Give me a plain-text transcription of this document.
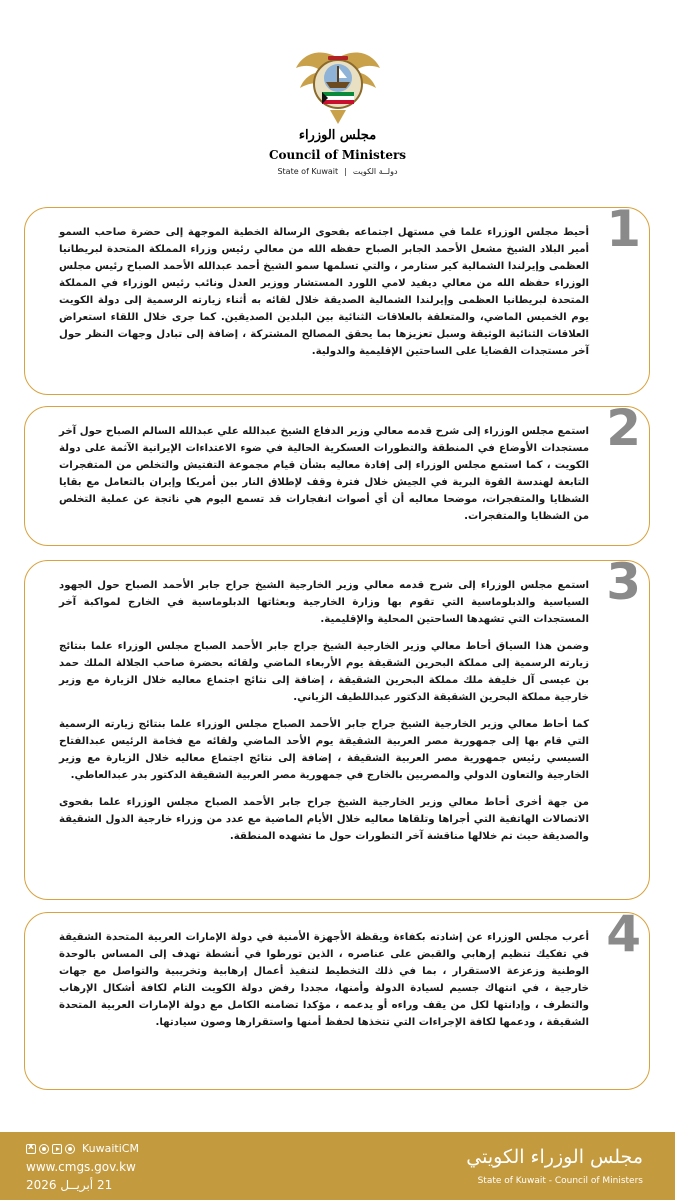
مجلس الوزراء
Council of Ministers
State of Kuwait | دولــة الكويت
1

أحيط مجلس الوزراء علما في مستهل اجتماعه بفحوى الرسالة الخطية الموجهة إلى حضرة صاحب السمو أمير البلاد الشيخ مشعل الأحمد الجابر الصباح حفظه الله من معالي رئيس وزراء المملكة المتحدة لبريطانيا العظمى وإيرلندا الشمالية كير ستارمر ، والتي تسلمها سمو الشيخ أحمد عبدالله الأحمد الصباح رئيس مجلس الوزراء حفظه الله من معالي ديفيد لامي اللورد المستشار ووزير العدل ونائب رئيس الوزراء في المملكة المتحدة لبريطانيا العظمى وإيرلندا الشمالية الصديقة خلال لقائه به أثناء زيارته الرسمية إلى دولة الكويت يوم الخميس الماضي، والمتعلقة بالعلاقات الثنائية بين البلدين الصديقين. كما جرى خلال اللقاء استعراض العلاقات الثنائية الوثيقة وسبل تعزيزها بما يحقق المصالح المشتركة ، إضافة إلى تبادل وجهات النظر حول آخر مستجدات القضايا على الساحتين الإقليمية والدولية.

2

استمع مجلس الوزراء إلى شرح قدمه معالي وزير الدفاع الشيخ عبدالله علي عبدالله السالم الصباح حول آخر مستجدات الأوضاع في المنطقة والتطورات العسكرية الحالية في ضوء الاعتداءات الإيرانية الآثمة على دولة الكويت ، كما استمع مجلس الوزراء إلى إفادة معاليه بشأن قيام مجموعة التفتيش والتخلص من المتفجرات التابعة لهندسة القوة البرية في الجيش خلال فترة وقف لإطلاق النار بين أمريكا وإيران بالتعامل مع بقايا الشظايا والمتفجرات، موضحا معاليه أن أي أصوات انفجارات قد تسمع اليوم هي ناتجة عن عملية التخلص من الشظايا والمتفجرات.

3

استمع مجلس الوزراء إلى شرح قدمه معالي وزير الخارجية الشيخ جراح جابر الأحمد الصباح حول الجهود السياسية والدبلوماسية التي تقوم بها وزارة الخارجية وبعثاتها الدبلوماسية في الخارج لمواكبة آخر المستجدات التي تشهدها الساحتين المحلية والإقليمية.

وضمن هذا السياق أحاط معالي وزير الخارجية الشيخ جراح جابر الأحمد الصباح مجلس الوزراء علما بنتائج زيارته الرسمية إلى مملكة البحرين الشقيقة يوم الأربعاء الماضي ولقائه بحضرة صاحب الجلالة الملك حمد بن عيسى آل خليفة ملك مملكة البحرين الشقيقة ، إضافة إلى نتائج اجتماع معاليه خلال الزيارة مع وزير خارجية مملكة البحرين الشقيقة الدكتور عبداللطيف الزياني.

كما أحاط معالي وزير الخارجية الشيخ جراح جابر الأحمد الصباح مجلس الوزراء علما بنتائج زيارته الرسمية التي قام بها إلى جمهورية مصر العربية الشقيقة يوم الأحد الماضي ولقائه مع فخامة الرئيس عبدالفتاح السيسي رئيس جمهورية مصر العربية الشقيقة ، إضافة إلى نتائج اجتماع معاليه خلال الزيارة مع وزير الخارجية والتعاون الدولي والمصريين بالخارج في جمهورية مصر العربية الشقيقة الدكتور بدر عبدالعاطي.

من جهة أخرى أحاط معالي وزير الخارجية الشيخ جراح جابر الأحمد الصباح مجلس الوزراء علما بفحوى الاتصالات الهاتفية التي أجراها وتلقاها معاليه خلال الأيام الماضية مع عدد من وزراء خارجية الدول الشقيقة والصديقة حيث تم خلالها مناقشة آخر التطورات حول ما تشهده المنطقة.

4

أعرب مجلس الوزراء عن إشادته بكفاءة ويقظة الأجهزة الأمنية في دولة الإمارات العربية المتحدة الشقيقة في تفكيك تنظيم إرهابي والقبض على عناصره ، الذين تورطوا في أنشطة تهدف إلى المساس بالوحدة الوطنية وزعزعة الاستقرار ، بما في ذلك التخطيط لتنفيذ أعمال إرهابية وتخريبية والتواصل مع جهات خارجية ، في انتهاك جسيم لسيادة الدولة وأمنها، مجددا رفض دولة الكويت التام لكافة أشكال الإرهاب والتطرف ، وإدانتها لكل من يقف وراءه أو يدعمه ، مؤكدا تضامنه الكامل مع دولة الإمارات العربية المتحدة الشقيقة ، ودعمها لكافة الإجراءات التي تتخذها لحفظ أمنها واستقرارها وصون سيادتها.

x
KuwaitiCM
www.cmgs.gov.kw
21 أبريــل 2026
مجلس الوزراء الكويتي
State of Kuwait - Council of Ministers
